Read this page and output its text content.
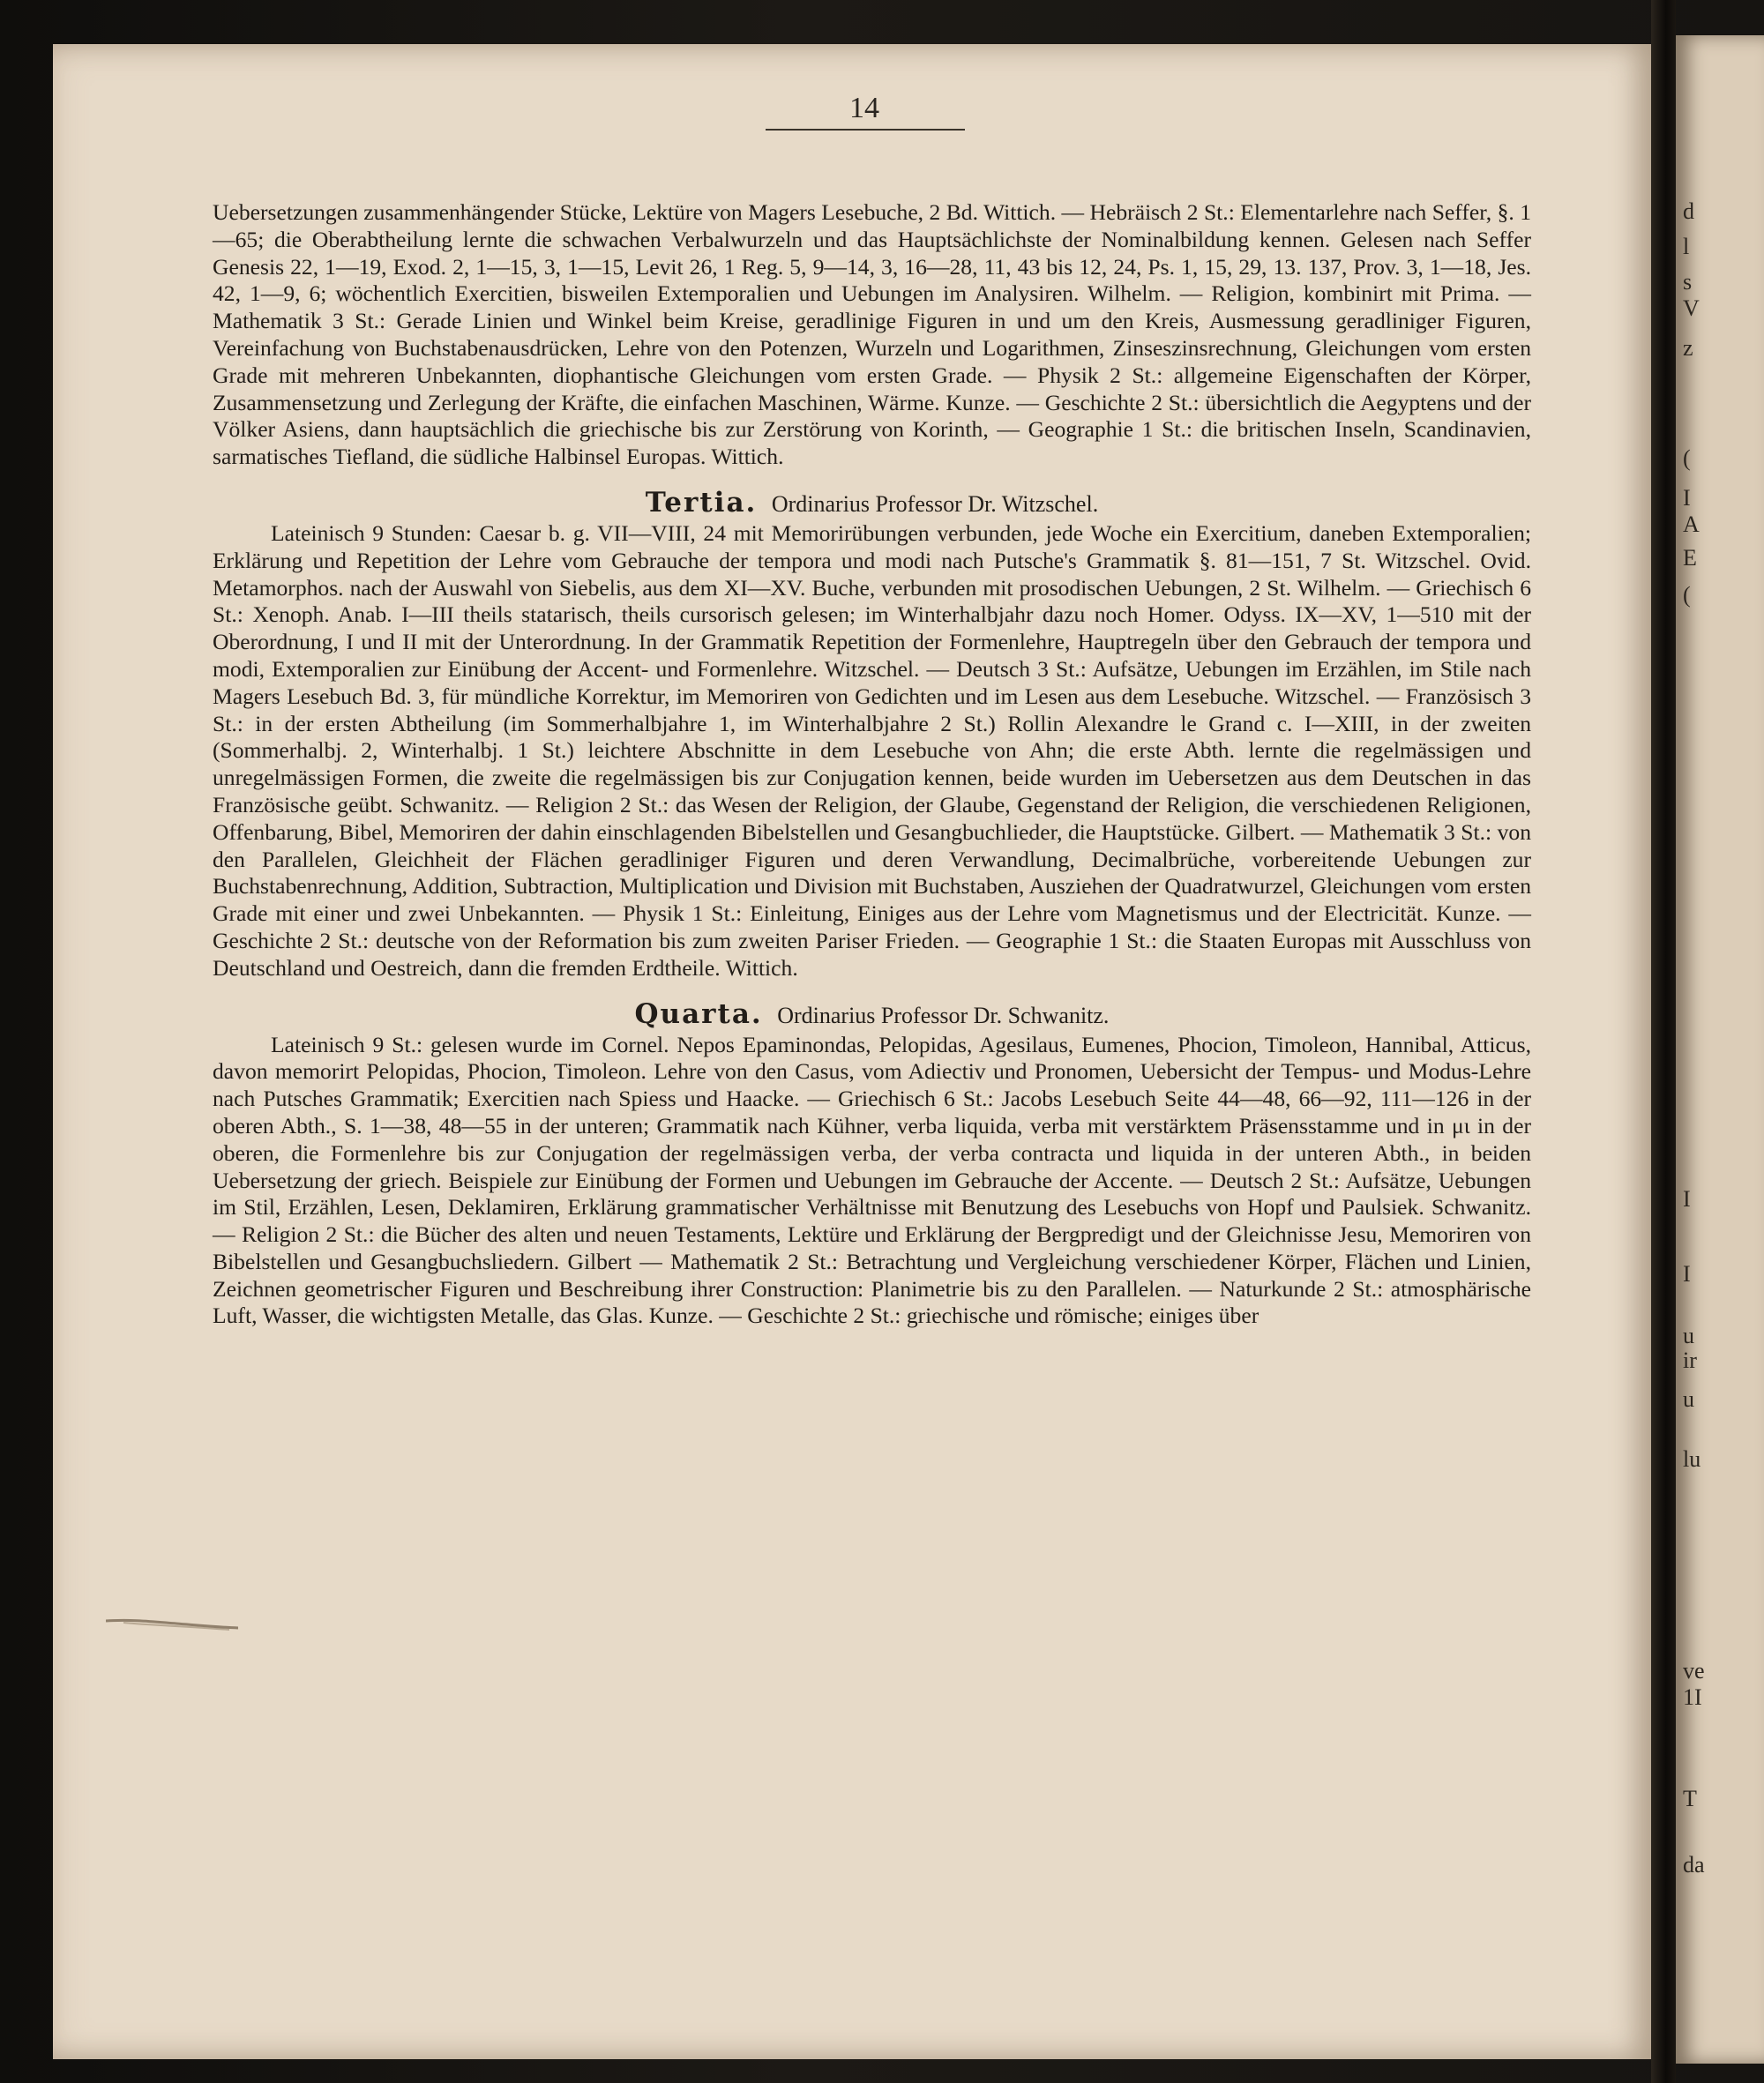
14

Uebersetzungen zusammenhängender Stücke, Lektüre von Magers Lesebuche, 2 Bd. Wittich. — Hebräisch 2 St.: Elementarlehre nach Seffer, §. 1—65; die Oberabtheilung lernte die schwachen Verbalwurzeln und das Hauptsächlichste der Nominalbildung kennen. Gelesen nach Seffer Genesis 22, 1—19, Exod. 2, 1—15, 3, 1—15, Levit 26, 1 Reg. 5, 9—14, 3, 16—28, 11, 43 bis 12, 24, Ps. 1, 15, 29, 13. 137, Prov. 3, 1—18, Jes. 42, 1—9, 6; wöchentlich Exercitien, bisweilen Extemporalien und Uebungen im Analysiren. Wilhelm. — Religion, kombinirt mit Prima. — Mathematik 3 St.: Gerade Linien und Winkel beim Kreise, geradlinige Figuren in und um den Kreis, Ausmessung geradliniger Figuren, Vereinfachung von Buchstabenausdrücken, Lehre von den Potenzen, Wurzeln und Logarithmen, Zinseszinsrechnung, Gleichungen vom ersten Grade mit mehreren Unbekannten, diophantische Gleichungen vom ersten Grade. — Physik 2 St.: allgemeine Eigenschaften der Körper, Zusammensetzung und Zerlegung der Kräfte, die einfachen Maschinen, Wärme. Kunze. — Geschichte 2 St.: übersichtlich die Aegyptens und der Völker Asiens, dann hauptsächlich die griechische bis zur Zerstörung von Korinth, — Geographie 1 St.: die britischen Inseln, Scandinavien, sarmatisches Tiefland, die südliche Halbinsel Europas. Wittich.

Tertia. Ordinarius Professor Dr. Witzschel.

Lateinisch 9 Stunden: Caesar b. g. VII—VIII, 24 mit Memorirübungen verbunden, jede Woche ein Exercitium, daneben Extemporalien; Erklärung und Repetition der Lehre vom Gebrauche der tempora und modi nach Putsche's Grammatik §. 81—151, 7 St. Witzschel. Ovid. Metamorphos. nach der Auswahl von Siebelis, aus dem XI—XV. Buche, verbunden mit prosodischen Uebungen, 2 St. Wilhelm. — Griechisch 6 St.: Xenoph. Anab. I—III theils statarisch, theils cursorisch gelesen; im Winterhalbjahr dazu noch Homer. Odyss. IX—XV, 1—510 mit der Oberordnung, I und II mit der Unterordnung. In der Grammatik Repetition der Formenlehre, Hauptregeln über den Gebrauch der tempora und modi, Extemporalien zur Einübung der Accent- und Formenlehre. Witzschel. — Deutsch 3 St.: Aufsätze, Uebungen im Erzählen, im Stile nach Magers Lesebuch Bd. 3, für mündliche Korrektur, im Memoriren von Gedichten und im Lesen aus dem Lesebuche. Witzschel. — Französisch 3 St.: in der ersten Abtheilung (im Sommerhalbjahre 1, im Winterhalbjahre 2 St.) Rollin Alexandre le Grand c. I—XIII, in der zweiten (Sommerhalbj. 2, Winterhalbj. 1 St.) leichtere Abschnitte in dem Lesebuche von Ahn; die erste Abth. lernte die regelmässigen und unregelmässigen Formen, die zweite die regelmässigen bis zur Conjugation kennen, beide wurden im Uebersetzen aus dem Deutschen in das Französische geübt. Schwanitz. — Religion 2 St.: das Wesen der Religion, der Glaube, Gegenstand der Religion, die verschiedenen Religionen, Offenbarung, Bibel, Memoriren der dahin einschlagenden Bibelstellen und Gesangbuchlieder, die Hauptstücke. Gilbert. — Mathematik 3 St.: von den Parallelen, Gleichheit der Flächen geradliniger Figuren und deren Verwandlung, Decimalbrüche, vorbereitende Uebungen zur Buchstabenrechnung, Addition, Subtraction, Multiplication und Division mit Buchstaben, Ausziehen der Quadratwurzel, Gleichungen vom ersten Grade mit einer und zwei Unbekannten. — Physik 1 St.: Einleitung, Einiges aus der Lehre vom Magnetismus und der Electricität. Kunze. — Geschichte 2 St.: deutsche von der Reformation bis zum zweiten Pariser Frieden. — Geographie 1 St.: die Staaten Europas mit Ausschluss von Deutschland und Oestreich, dann die fremden Erdtheile. Wittich.

Quarta. Ordinarius Professor Dr. Schwanitz.

Lateinisch 9 St.: gelesen wurde im Cornel. Nepos Epaminondas, Pelopidas, Agesilaus, Eumenes, Phocion, Timoleon, Hannibal, Atticus, davon memorirt Pelopidas, Phocion, Timoleon. Lehre von den Casus, vom Adiectiv und Pronomen, Uebersicht der Tempus- und Modus-Lehre nach Putsches Grammatik; Exercitien nach Spiess und Haacke. — Griechisch 6 St.: Jacobs Lesebuch Seite 44—48, 66—92, 111—126 in der oberen Abth., S. 1—38, 48—55 in der unteren; Grammatik nach Kühner, verba liquida, verba mit verstärktem Präsensstamme und in μι in der oberen, die Formenlehre bis zur Conjugation der regelmässigen verba, der verba contracta und liquida in der unteren Abth., in beiden Uebersetzung der griech. Beispiele zur Einübung der Formen und Uebungen im Gebrauche der Accente. — Deutsch 2 St.: Aufsätze, Uebungen im Stil, Erzählen, Lesen, Deklamiren, Erklärung grammatischer Verhältnisse mit Benutzung des Lesebuchs von Hopf und Paulsiek. Schwanitz. — Religion 2 St.: die Bücher des alten und neuen Testaments, Lektüre und Erklärung der Bergpredigt und der Gleichnisse Jesu, Memoriren von Bibelstellen und Gesangbuchsliedern. Gilbert — Mathematik 2 St.: Betrachtung und Vergleichung verschiedener Körper, Flächen und Linien, Zeichnen geometrischer Figuren und Beschreibung ihrer Construction: Planimetrie bis zu den Parallelen. — Naturkunde 2 St.: atmosphärische Luft, Wasser, die wichtigsten Metalle, das Glas. Kunze. — Geschichte 2 St.: griechische und römische; einiges über

d
l
s
V
z
(
I
A
E
(
I
I
u
ir
u
lu
ve
1I
T
da
